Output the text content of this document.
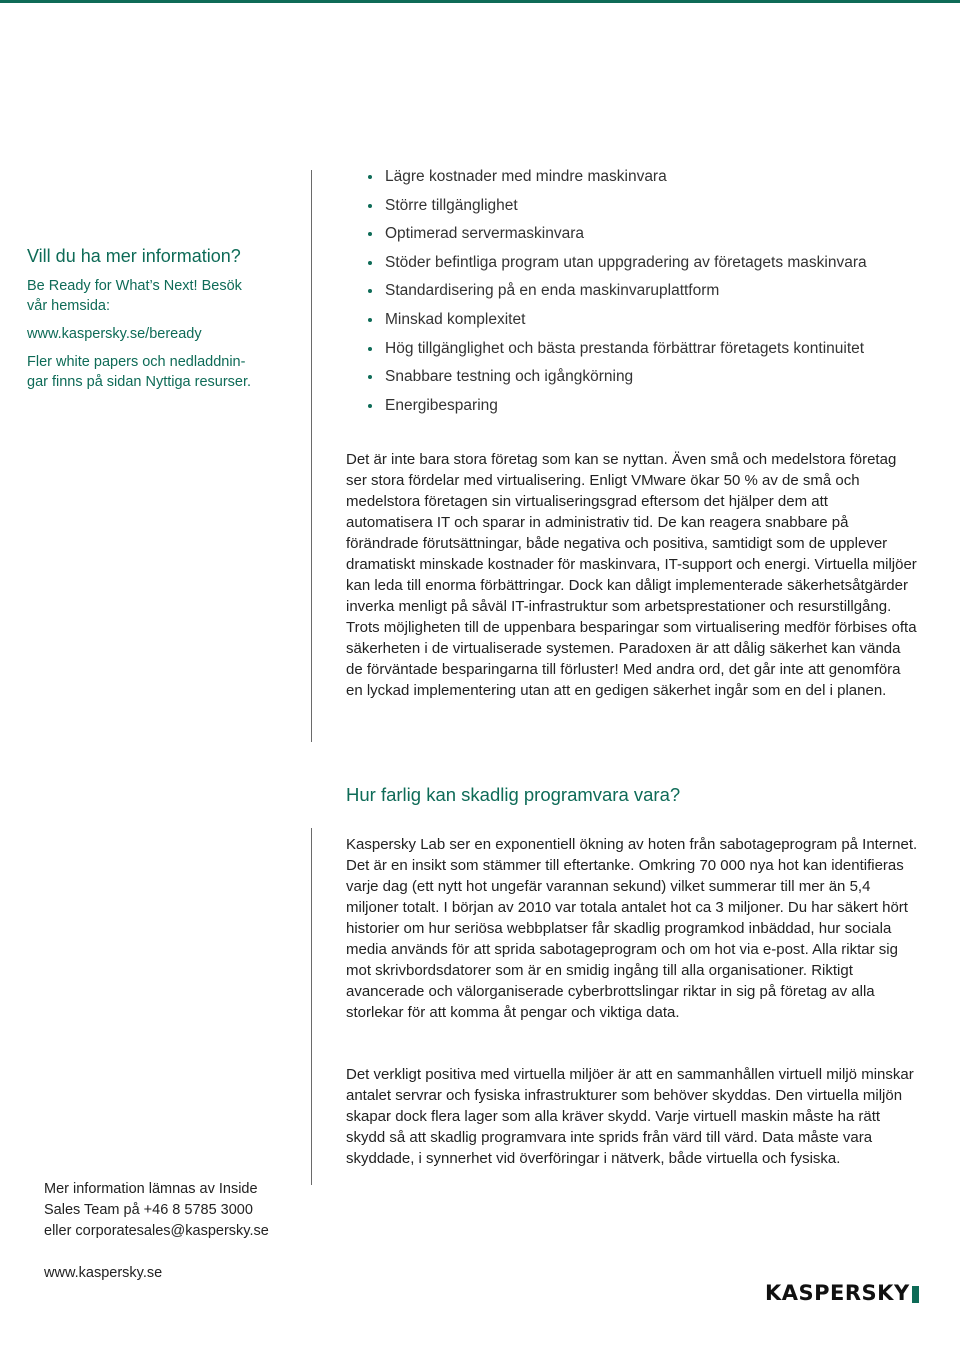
Vill du ha mer information?
Be Ready for What’s Next! Besök
vår hemsida:
www.kaspersky.se/beready
Fler white papers och nedladdnin-
gar finns på sidan Nyttiga resurser.
Lägre kostnader med mindre maskinvara
Större tillgänglighet
Optimerad servermaskinvara
Stöder befintliga program utan uppgradering av företagets maskinvara
Standardisering på en enda maskinvaruplattform
Minskad komplexitet
Hög tillgänglighet och bästa prestanda förbättrar företagets kontinuitet
Snabbare testning och igångkörning
Energibesparing

Det är inte bara stora företag som kan se nyttan. Även små och medelstora företag ser stora fördelar med virtualisering. Enligt VMware ökar 50 % av de små och medelstora företagen sin virtualiseringsgrad eftersom det hjälper dem att automatisera IT och sparar in administrativ tid. De kan reagera snabbare på förändrade förutsättningar, både negativa och positiva, samtidigt som de upplever dramatiskt minskade kostnader för maskinvara, IT-support och energi. Virtuella miljöer kan leda till enorma förbättringar. Dock kan dåligt implementerade säkerhetsåtgärder inverka menligt på såväl IT-infrastruktur som arbetsprestationer och resurstillgång. Trots möjligheten till de uppenbara besparingar som virtualisering medför förbises ofta säkerheten i de virtualiserade systemen. Paradoxen är att dålig säkerhet kan vända de förväntade besparingarna till förluster! Med andra ord, det går inte att genomföra en lyckad implementering utan att en gedigen säkerhet ingår som en del i planen.

Hur farlig kan skadlig programvara vara?

Kaspersky Lab ser en exponentiell ökning av hoten från sabotageprogram på Internet. Det är en insikt som stämmer till eftertanke. Omkring 70 000 nya hot kan identifieras varje dag (ett nytt hot ungefär varannan sekund) vilket summerar till mer än 5,4 miljoner totalt. I början av 2010 var totala antalet hot ca 3 miljoner. Du har säkert hört historier om hur seriösa webbplatser får skadlig programkod inbäddad, hur sociala media används för att sprida sabotageprogram och om hot via e-post. Alla riktar sig mot skrivbordsdatorer som är en smidig ingång till alla organisationer. Riktigt avancerade och välorganiserade cyberbrottslingar riktar in sig på företag av alla storlekar för att komma åt pengar och viktiga data.

Det verkligt positiva med virtuella miljöer är att en sammanhållen virtuell miljö minskar antalet servrar och fysiska infrastrukturer som behöver skyddas. Den virtuella miljön skapar dock flera lager som alla kräver skydd. Varje virtuell maskin måste ha rätt skydd så att skadlig programvara inte sprids från värd till värd. Data måste vara skyddade, i synnerhet vid överföringar i nätverk, både virtuella och fysiska.

Mer information lämnas av Inside
Sales Team på +46 8 5785 3000
eller corporatesales@kaspersky.se
www.kaspersky.se
KASPERSKY
